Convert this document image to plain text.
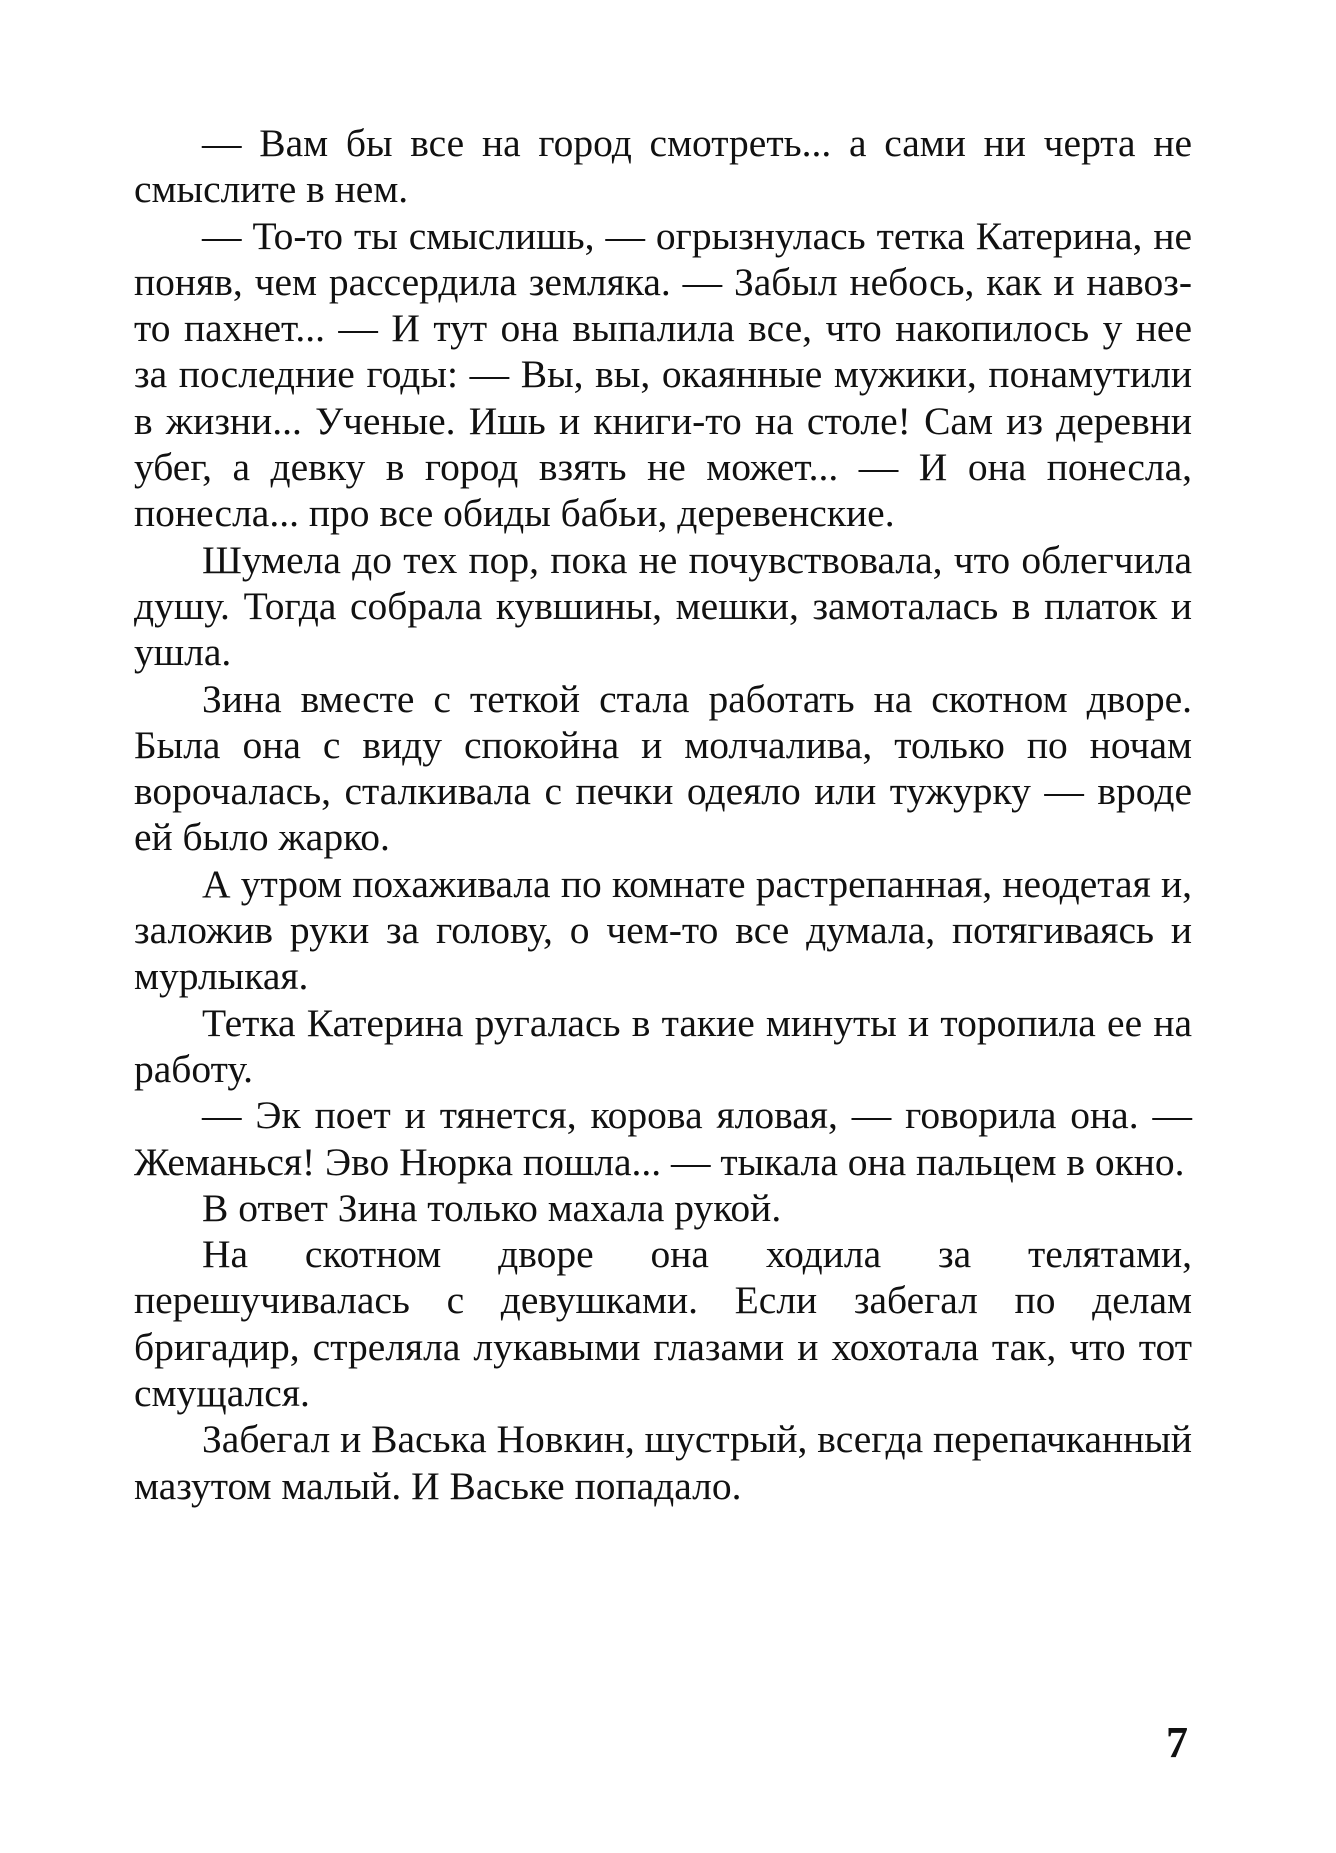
— Вам бы все на город смотреть... а сами ни черта не смыслите в нем.

— То-то ты смыслишь, — огрызнулась тетка Катерина, не поняв, чем рассердила земляка. — Забыл небось, как и навоз-то пахнет... — И тут она выпалила все, что накопилось у нее за последние годы: — Вы, вы, окаянные мужики, понамутили в жизни... Ученые. Ишь и книги-то на столе! Сам из деревни убег, а девку в город взять не может... — И она понесла, понесла... про все обиды бабьи, деревенские.

Шумела до тех пор, пока не почувствовала, что облегчила душу. Тогда собрала кувшины, мешки, замоталась в платок и ушла.

Зина вместе с теткой стала работать на скотном дворе. Была она с виду спокойна и молчалива, только по ночам ворочалась, сталкивала с печки одеяло или тужурку — вроде ей было жарко.

А утром похаживала по комнате растрепанная, неодетая и, заложив руки за голову, о чем-то все думала, потягиваясь и мурлыкая.

Тетка Катерина ругалась в такие минуты и торопила ее на работу.

— Эк поет и тянется, корова яловая, — говорила она. — Жеманься! Эво Нюрка пошла... — тыкала она пальцем в окно.

В ответ Зина только махала рукой.

На скотном дворе она ходила за телятами, перешучивалась с девушками. Если забегал по делам бригадир, стреляла лукавыми глазами и хохотала так, что тот смущался.

Забегал и Васька Новкин, шустрый, всегда перепачканный мазутом малый. И Ваське попадало.

7
